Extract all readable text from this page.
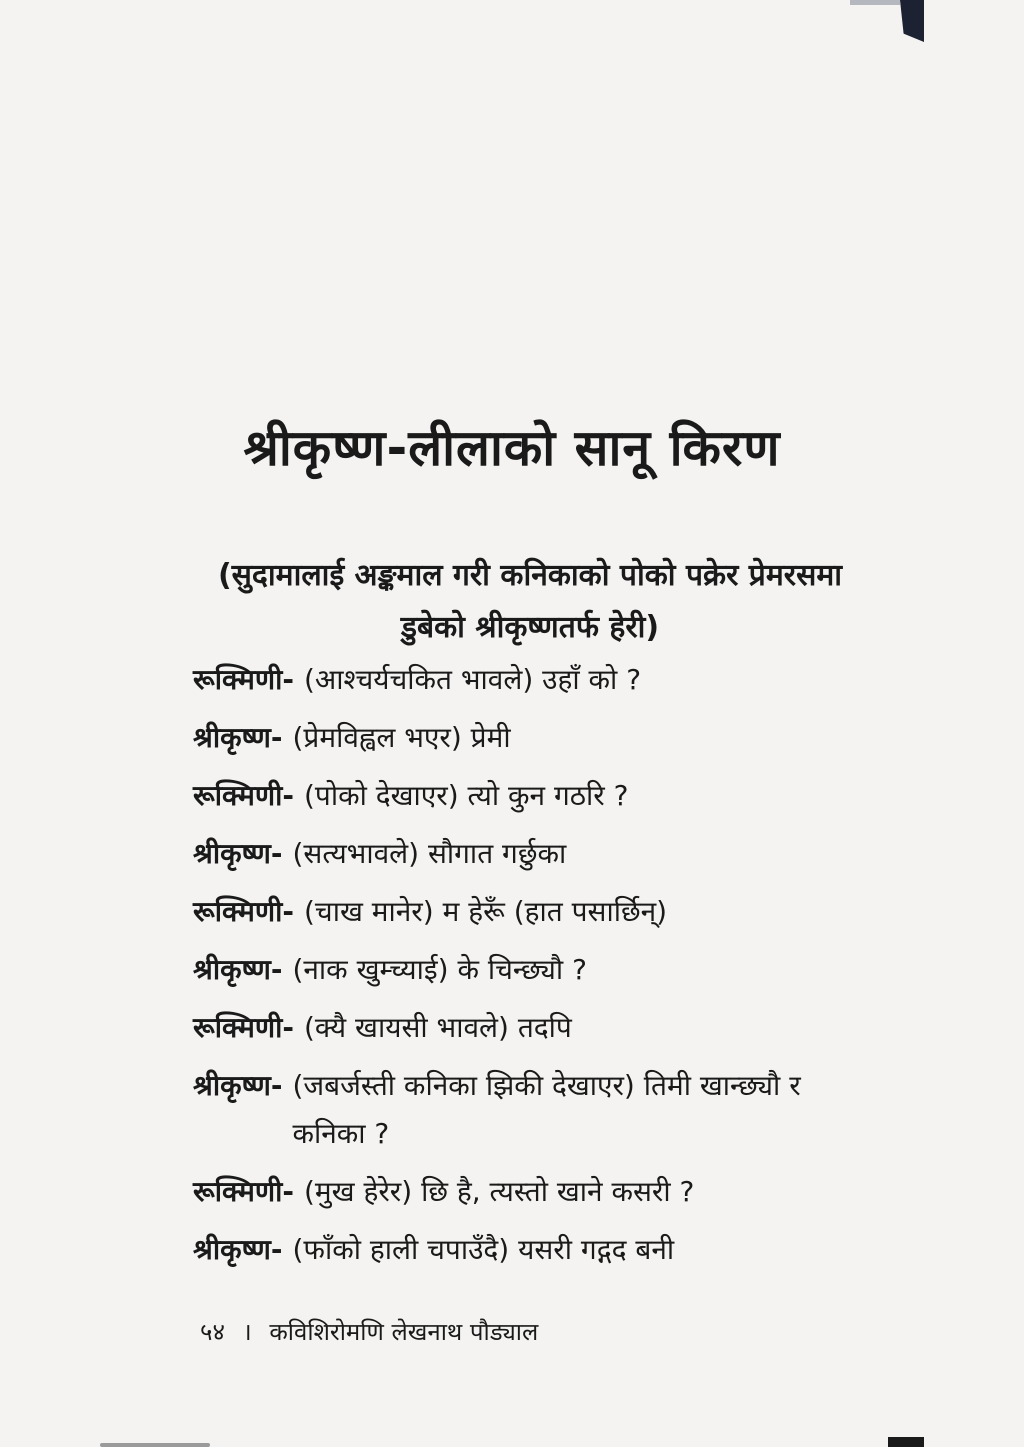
श्रीकृष्ण-लीलाको सानू किरण
(सुदामालाई अङ्कमाल गरी कनिकाको पोको पक्रेर प्रेमरसमा डुबेको श्रीकृष्णतर्फ हेरी)
रूक्मिणी- (आश्चर्यचकित भावले) उहाँ को ?
श्रीकृष्ण- (प्रेमविह्वल भएर) प्रेमी
रूक्मिणी- (पोको देखाएर) त्यो कुन गठरि ?
श्रीकृष्ण- (सत्यभावले) सौगात गर्छुका
रूक्मिणी- (चाख मानेर) म हेरूँ (हात पसार्छिन्)
श्रीकृष्ण- (नाक खुम्च्याई) के चिन्छ्यौ ?
रूक्मिणी- (क्यै खायसी भावले) तदपि
श्रीकृष्ण- (जबर्जस्ती कनिका झिकी देखाएर) तिमी खान्छ्यौ र कनिका ?
रूक्मिणी- (मुख हेरेर) छि है, त्यस्तो खाने कसरी ?
श्रीकृष्ण- (फाँको हाली चपाउँदै) यसरी गद्गद बनी
५४ । कविशिरोमणि लेखनाथ पौड्याल
